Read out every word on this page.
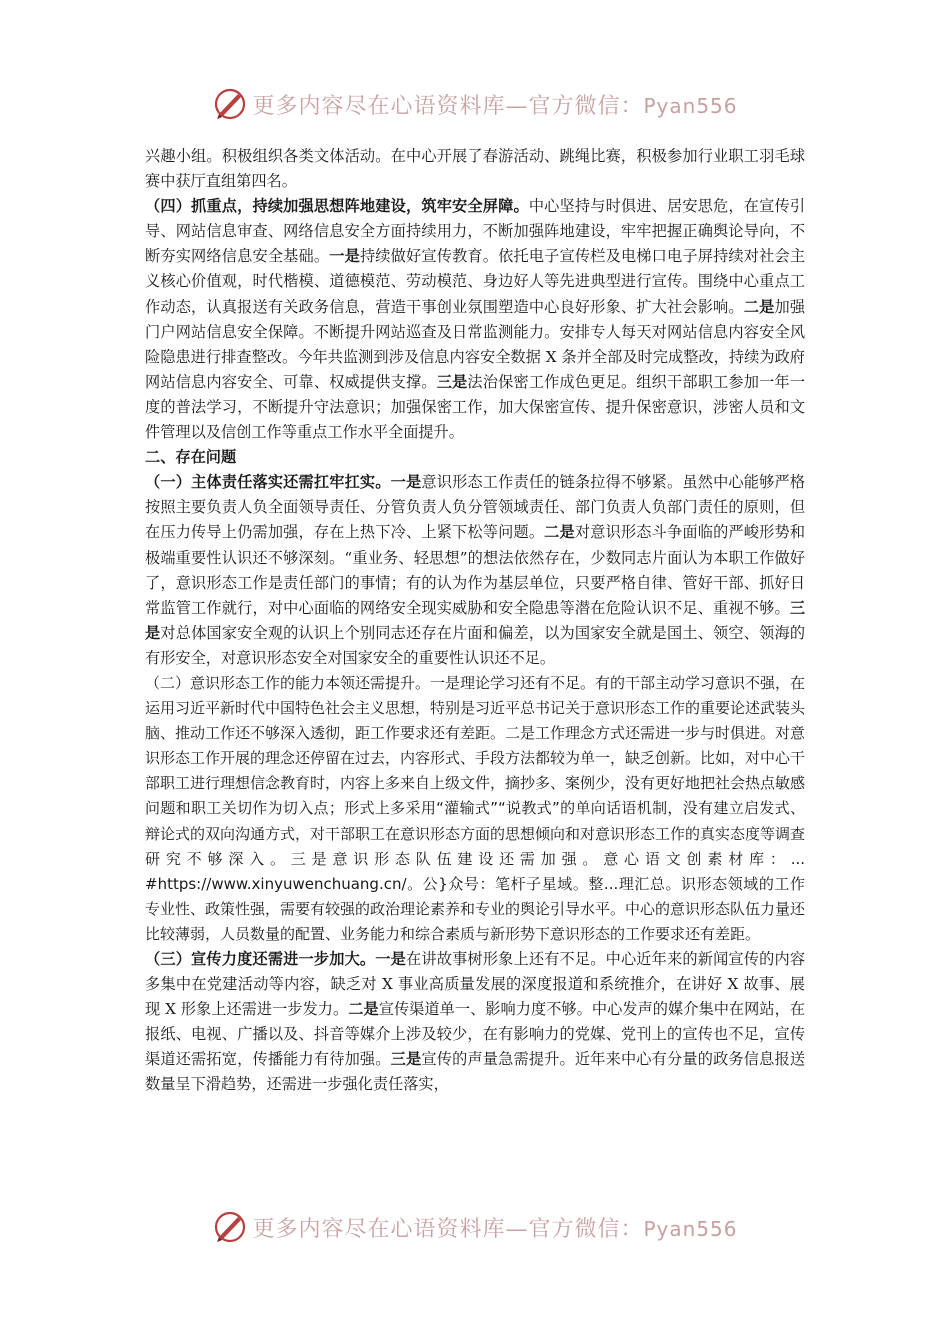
更多内容尽在心语资料库—官方微信：Pyan556

兴趣小组。积极组织各类文体活动。在中心开展了春游活动、跳绳比赛，积极参加行业职工羽毛球赛中获厅直组第四名。

（四）抓重点，持续加强思想阵地建设，筑牢安全屏障。中心坚持与时俱进、居安思危，在宣传引导、网站信息审查、网络信息安全方面持续用力，不断加强阵地建设，牢牢把握正确舆论导向，不断夯实网络信息安全基础。一是持续做好宣传教育。依托电子宣传栏及电梯口电子屏持续对社会主义核心价值观，时代楷模、道德模范、劳动模范、身边好人等先进典型进行宣传。围绕中心重点工作动态，认真报送有关政务信息，营造干事创业氛围塑造中心良好形象、扩大社会影响。二是加强门户网站信息安全保障。不断提升网站巡查及日常监测能力。安排专人每天对网站信息内容安全风险隐患进行排查整改。今年共监测到涉及信息内容安全数据 X 条并全部及时完成整改，持续为政府网站信息内容安全、可靠、权威提供支撑。三是法治保密工作成色更足。组织干部职工参加一年一度的普法学习，不断提升守法意识；加强保密工作，加大保密宣传、提升保密意识，涉密人员和文件管理以及信创工作等重点工作水平全面提升。

二、存在问题

（一）主体责任落实还需扛牢扛实。一是意识形态工作责任的链条拉得不够紧。虽然中心能够严格按照主要负责人负全面领导责任、分管负责人负分管领域责任、部门负责人负部门责任的原则，但在压力传导上仍需加强，存在上热下冷、上紧下松等问题。二是对意识形态斗争面临的严峻形势和极端重要性认识还不够深刻。“重业务、轻思想”的想法依然存在，少数同志片面认为本职工作做好了，意识形态工作是责任部门的事情；有的认为作为基层单位，只要严格自律、管好干部、抓好日常监管工作就行，对中心面临的网络安全现实威胁和安全隐患等潜在危险认识不足、重视不够。三是对总体国家安全观的认识上个别同志还存在片面和偏差，以为国家安全就是国土、领空、领海的有形安全，对意识形态安全对国家安全的重要性认识还不足。

（二）意识形态工作的能力本领还需提升。一是理论学习还有不足。有的干部主动学习意识不强，在运用习近平新时代中国特色社会主义思想，特别是习近平总书记关于意识形态工作的重要论述武装头脑、推动工作还不够深入透彻，距工作要求还有差距。二是工作理念方式还需进一步与时俱进。对意识形态工作开展的理念还停留在过去，内容形式、手段方法都较为单一，缺乏创新。比如，对中心干部职工进行理想信念教育时，内容上多来自上级文件，摘抄多、案例少，没有更好地把社会热点敏感问题和职工关切作为切入点；形式上多采用“灌输式”“说教式”的单向话语机制，没有建立启发式、辩论式的双向沟通方式，对干部职工在意识形态方面的思想倾向和对意识形态工作的真实态度等调查研究不够深入。三是意识形态队伍建设还需加强。意心语文创素材库：... #https://www.xinyuwenchuang.cn/。公}众号：笔杆子星域。整...理汇总。识形态领域的工作专业性、政策性强，需要有较强的政治理论素养和专业的舆论引导水平。中心的意识形态队伍力量还比较薄弱，人员数量的配置、业务能力和综合素质与新形势下意识形态的工作要求还有差距。

（三）宣传力度还需进一步加大。一是在讲故事树形象上还有不足。中心近年来的新闻宣传的内容多集中在党建活动等内容，缺乏对 X 事业高质量发展的深度报道和系统推介，在讲好 X 故事、展现 X 形象上还需进一步发力。二是宣传渠道单一、影响力度不够。中心发声的媒介集中在网站，在报纸、电视、广播以及、抖音等媒介上涉及较少，在有影响力的党媒、党刊上的宣传也不足，宣传渠道还需拓宽，传播能力有待加强。三是宣传的声量急需提升。近年来中心有分量的政务信息报送数量呈下滑趋势，还需进一步强化责任落实，

更多内容尽在心语资料库—官方微信：Pyan556
